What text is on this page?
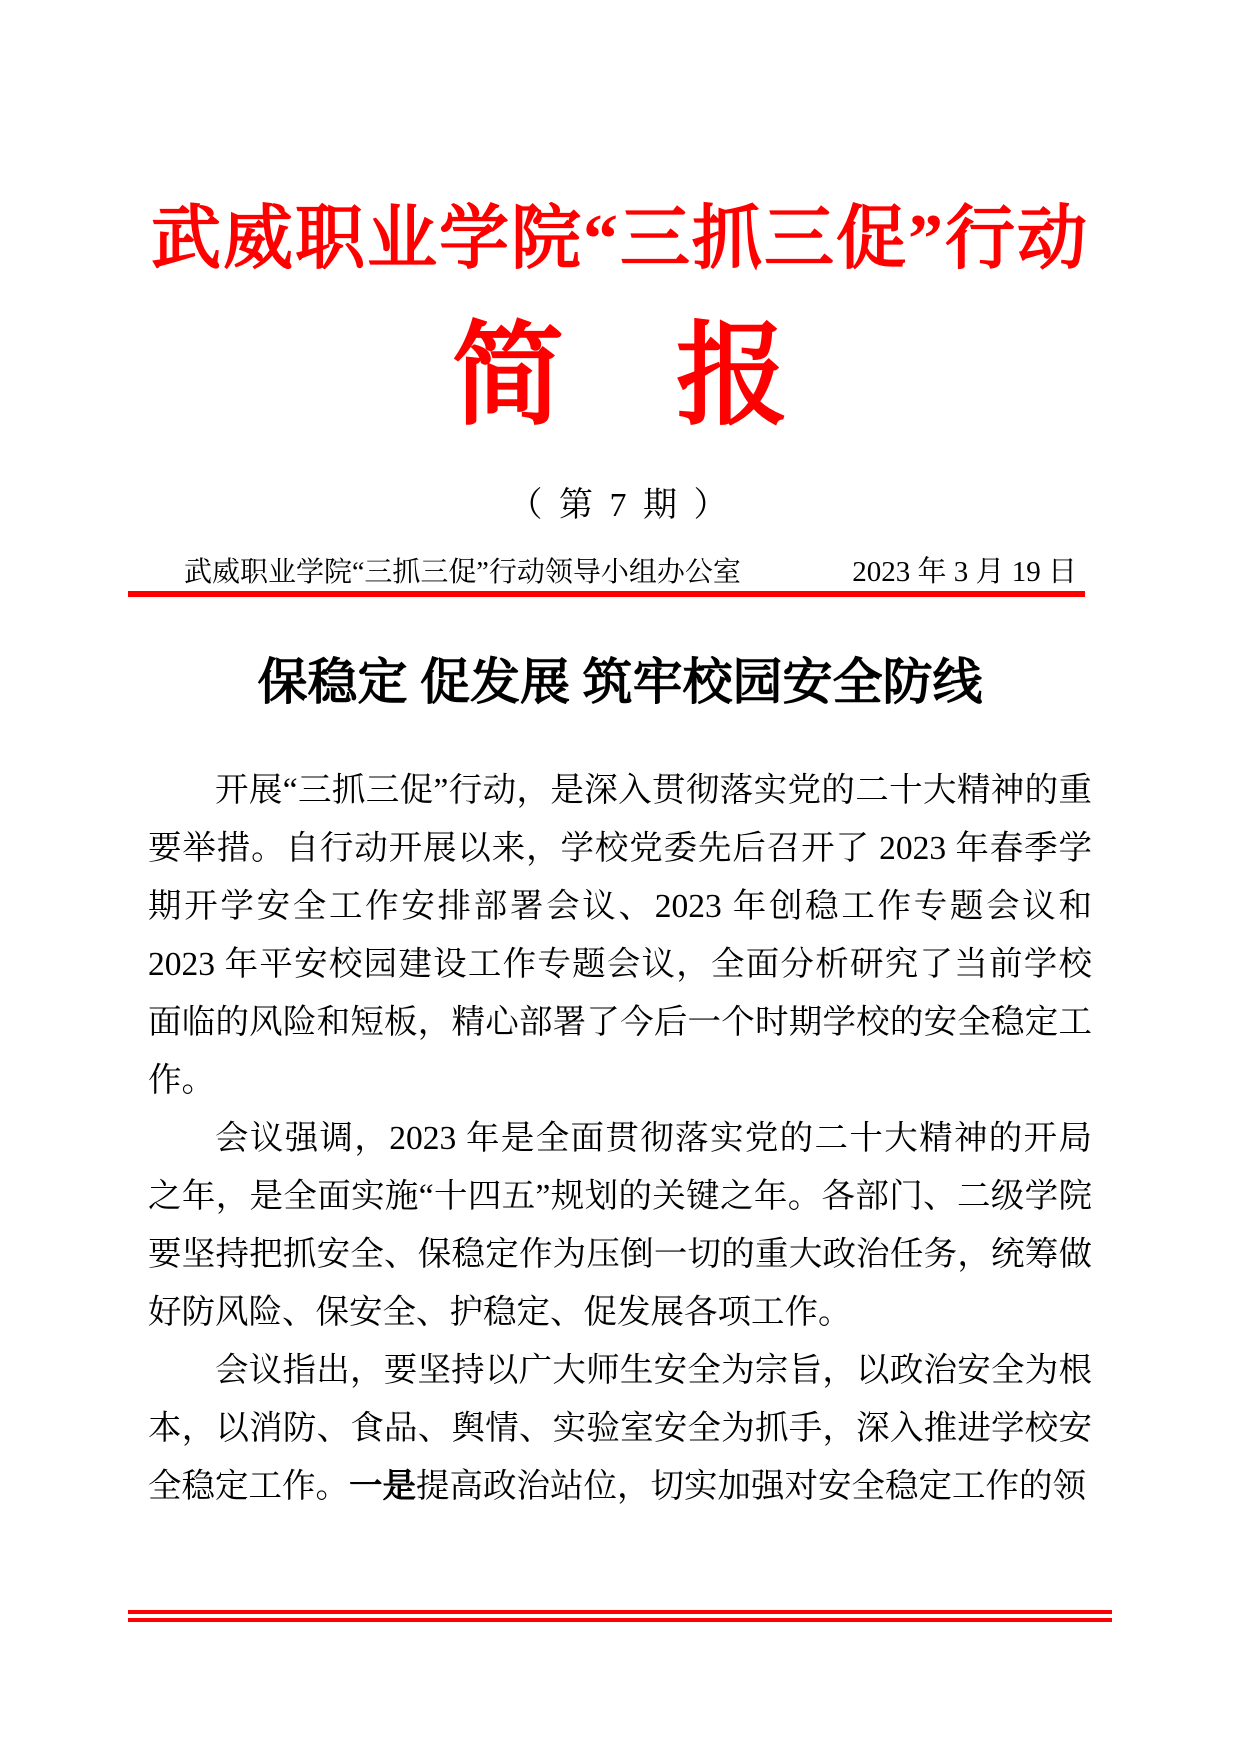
武威职业学院“三抓三促”行动
简　报
（ 第 7 期 ）
武威职业学院“三抓三促”行动领导小组办公室	2023 年 3 月 19 日
保稳定 促发展 筑牢校园安全防线

开展“三抓三促”行动，是深入贯彻落实党的二十大精神的重要举措。自行动开展以来，学校党委先后召开了 2023 年春季学期开学安全工作安排部署会议、2023 年创稳工作专题会议和 2023 年平安校园建设工作专题会议，全面分析研究了当前学校面临的风险和短板，精心部署了今后一个时期学校的安全稳定工作。

会议强调，2023 年是全面贯彻落实党的二十大精神的开局之年，是全面实施“十四五”规划的关键之年。各部门、二级学院要坚持把抓安全、保稳定作为压倒一切的重大政治任务，统筹做好防风险、保安全、护稳定、促发展各项工作。

会议指出，要坚持以广大师生安全为宗旨，以政治安全为根本，以消防、食品、舆情、实验室安全为抓手，深入推进学校安全稳定工作。一是提高政治站位，切实加强对安全稳定工作的领
